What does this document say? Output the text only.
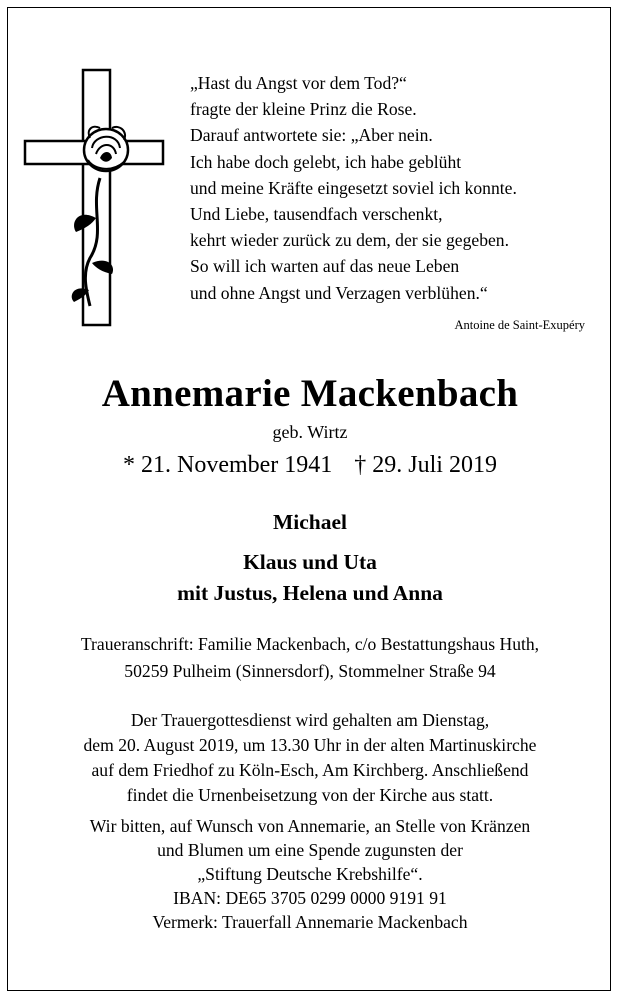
„Hast du Angst vor dem Tod?“
fragte der kleine Prinz die Rose.
Darauf antwortete sie: „Aber nein.
Ich habe doch gelebt, ich habe geblüht
und meine Kräfte eingesetzt soviel ich konnte.
Und Liebe, tausendfach verschenkt,
kehrt wieder zurück zu dem, der sie gegeben.
So will ich warten auf das neue Leben
und ohne Angst und Verzagen verblühen.“
Antoine de Saint-Exupéry
Annemarie Mackenbach
geb. Wirtz
* 21. November 1941 † 29. Juli 2019
Michael
Klaus und Uta
mit Justus, Helena und Anna
Traueranschrift: Familie Mackenbach, c/o Bestattungshaus Huth,
50259 Pulheim (Sinnersdorf), Stommelner Straße 94
Der Trauergottesdienst wird gehalten am Dienstag,
dem 20. August 2019, um 13.30 Uhr in der alten Martinuskirche
auf dem Friedhof zu Köln-Esch, Am Kirchberg. Anschließend
findet die Urnenbeisetzung von der Kirche aus statt.
Wir bitten, auf Wunsch von Annemarie, an Stelle von Kränzen
und Blumen um eine Spende zugunsten der
„Stiftung Deutsche Krebshilfe“.
IBAN: DE65 3705 0299 0000 9191 91
Vermerk: Trauerfall Annemarie Mackenbach
